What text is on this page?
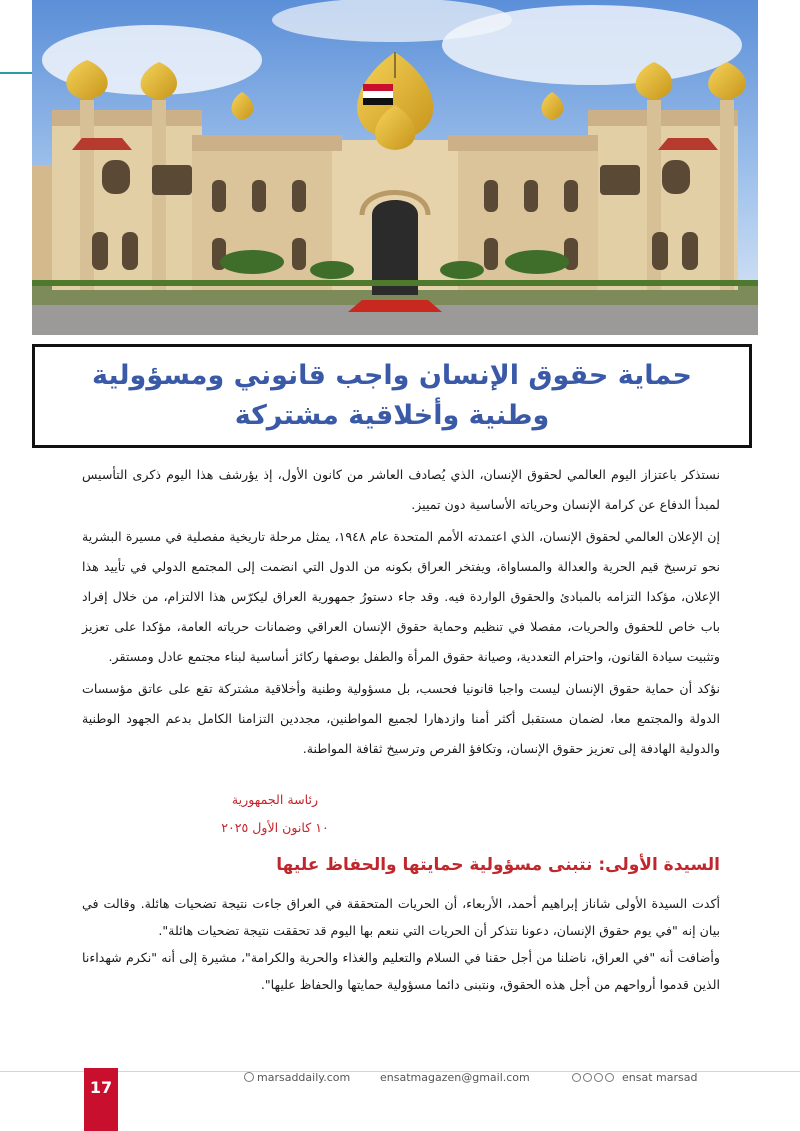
حماية حقوق الإنسان واجب قانوني ومسؤولية
وطنية وأخلاقية مشتركة

نستذكر باعتزاز اليوم العالمي لحقوق الإنسان، الذي يُصادف العاشر من كانون الأول، إذ يؤرشف هذا اليوم ذكرى التأسيس لمبدأ الدفاع عن كرامة الإنسان وحرياته الأساسية دون تمييز.

إن الإعلان العالمي لحقوق الإنسان، الذي اعتمدته الأمم المتحدة عام ١٩٤٨، يمثل مرحلة تاريخية مفصلية في مسيرة البشرية نحو ترسيخ قيم الحرية والعدالة والمساواة، ويفتخر العراق بكونه من الدول التي انضمت إلى المجتمع الدولي في تأييد هذا الإعلان، مؤكدا التزامه بالمبادئ والحقوق الواردة فيه. وقد جاء دستورُ جمهورية العراق ليكرّس هذا الالتزام، من خلال إفراد باب خاص للحقوق والحريات، مفصلا في تنظيم وحماية حقوق الإنسان العراقي وضمانات حرياته العامة، مؤكدا على تعزيز وتثبيت سيادة القانون، واحترام التعددية، وصيانة حقوق المرأة والطفل بوصفها ركائز أساسية لبناء مجتمع عادل ومستقر.

نؤكد أن حماية حقوق الإنسان ليست واجبا قانونيا فحسب، بل مسؤولية وطنية وأخلاقية مشتركة تقع على عاتق مؤسسات الدولة والمجتمع معا، لضمان مستقبل أكثر أمنا وازدهارا لجميع المواطنين، مجددين التزامنا الكامل بدعم الجهود الوطنية والدولية الهادفة إلى تعزيز حقوق الإنسان، وتكافؤ الفرص وترسيخ ثقافة المواطنة.

رئاسة الجمهورية
١٠ كانون الأول ٢٠٢٥
السيدة الأولى: نتبنى مسؤولية حمايتها والحفاظ عليها

أكدت السيدة الأولى شاناز إبراهيم أحمد، الأربعاء، أن الحريات المتحققة في العراق جاءت نتيجة تضحيات هائلة. وقالت في بيان إنه "في يوم حقوق الإنسان، دعونا نتذكر أن الحريات التي ننعم بها اليوم قد تحققت نتيجة تضحيات هائلة".

وأضافت أنه "في العراق، ناضلنا من أجل حقنا في السلام والتعليم والغذاء والحرية والكرامة"، مشيرة إلى أنه "نكرم شهداءنا الذين قدموا أرواحهم من أجل هذه الحقوق، ونتبنى دائما مسؤولية حمايتها والحفاظ عليها".

17
marsaddaily.com	ensatmagazen@gmail.com	ensat marsad
